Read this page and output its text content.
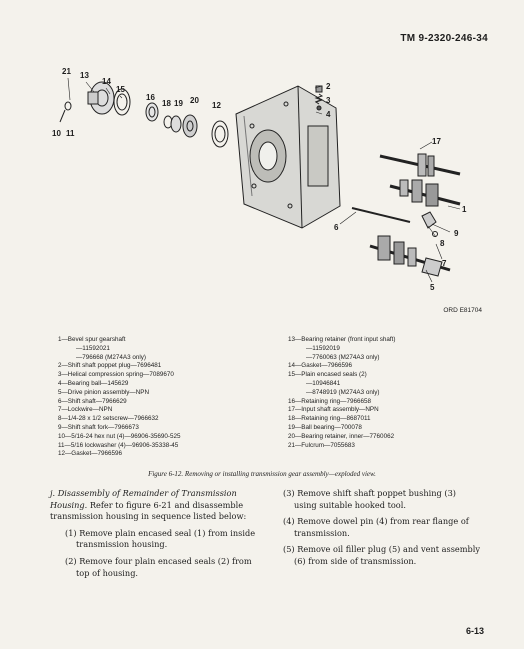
TM 9-2320-246-34
21 13
14
15
16
18 19 20
12
2
3
4
10 11
17
1
6
8
9
7
5
ORD E81704
1—Bevel spur gearshaft
—11592021
—796668 (M274A3 only)
2—Shift shaft poppet plug—7696481
3—Helical compression spring—7089670
4—Bearing ball—145629
5—Drive pinion assembly—NPN
6—Shift shaft—7966629
7—Lockwire—NPN
8—1/4-28 x 1/2 setscrew—7966632
9—Shift shaft fork—7966673
10—5/16-24 hex nut (4)—96906-35690-525
11—5/16 lockwasher (4)—96906-35338-45
12—Gasket—7966596
13—Bearing retainer (front input shaft)
—11592019
—7760063 (M274A3 only)
14—Gasket—7966596
15—Plain encased seals (2)
—10946841
—8748919 (M274A3 only)
16—Retaining ring—7966658
17—Input shaft assembly—NPN
18—Retaining ring—8687011
19—Ball bearing—700078
20—Bearing retainer, inner—7760062
21—Fulcrum—7055683
Figure 6-12. Removing or installing transmission gear assembly—exploded view.

j. Disassembly of Remainder of Transmission Housing. Refer to figure 6-21 and disassemble transmission housing in sequence listed below:

(1) Remove plain encased seal (1) from inside transmission housing.
(2) Remove four plain encased seals (2) from top of housing.
(3) Remove shift shaft poppet bushing (3) using suitable hooked tool.
(4) Remove dowel pin (4) from rear flange of transmission.
(5) Remove oil filler plug (5) and vent assembly (6) from side of transmission.
6-13
